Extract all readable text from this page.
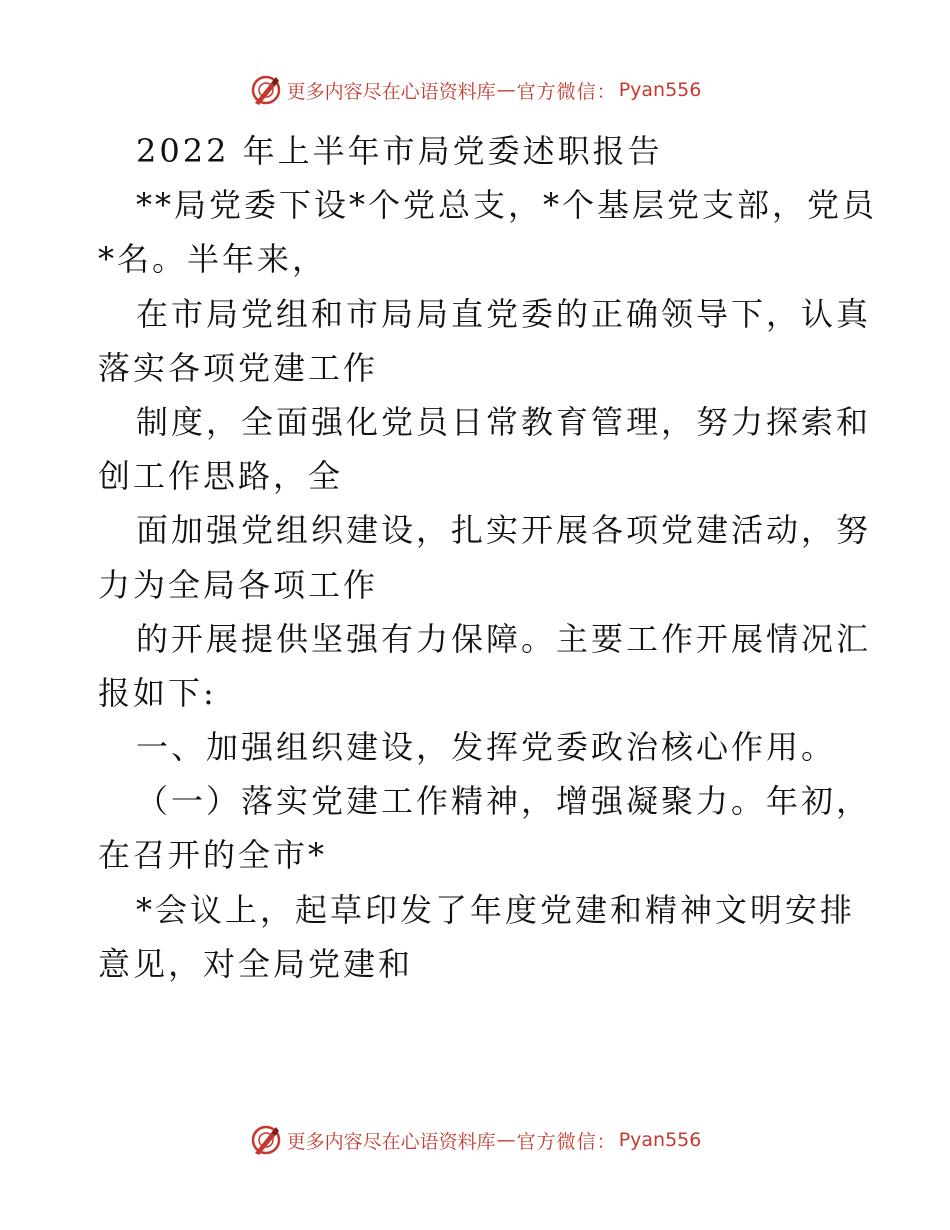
更多内容尽在心语资料库 — 官方微信： Pyan556
2022 年上半年市局党委述职报告
**局党委下设*个党总支，*个基层党支部，党员
*名。半年来，
在市局党组和市局局直党委的正确领导下，认真
落实各项党建工作
制度，全面强化党员日常教育管理，努力探索和
创工作思路，全
面加强党组织建设，扎实开展各项党建活动，努
力为全局各项工作
的开展提供坚强有力保障。主要工作开展情况汇
报如下:
一、加强组织建设，发挥党委政治核心作用。
（一）落实党建工作精神，增强凝聚力。年初，
在召开的全市*
*会议上，起草印发了年度党建和精神文明安排
意见，对全局党建和
更多内容尽在心语资料库 — 官方微信： Pyan556
